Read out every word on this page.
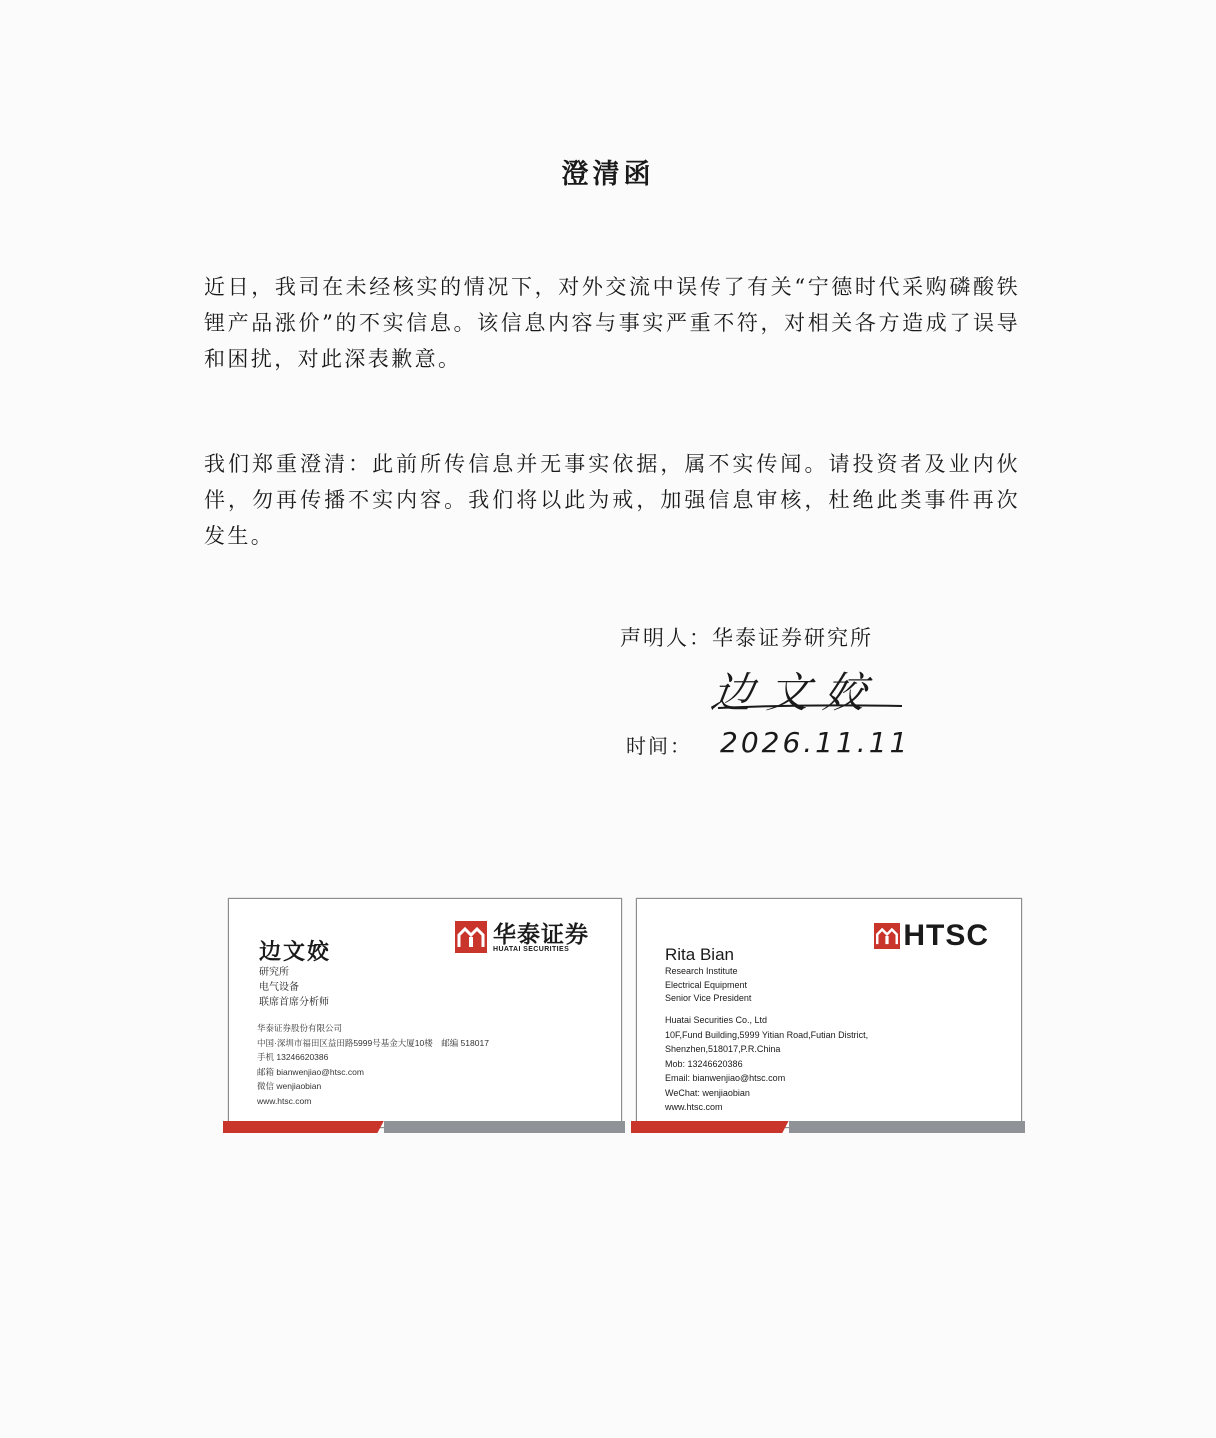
澄清函
近日，我司在未经核实的情况下，对外交流中误传了有关“宁德时代采购磷酸铁锂产品涨价”的不实信息。该信息内容与事实严重不符，对相关各方造成了误导和困扰，对此深表歉意。
我们郑重澄清：此前所传信息并无事实依据，属不实传闻。请投资者及业内伙伴，勿再传播不实内容。我们将以此为戒，加强信息审核，杜绝此类事件再次发生。
声明人：华泰证券研究所
边文姣
时间： 2026.11.11
华泰证券
HUATAI SECURITIES
边文姣
研究所
电气设备
联席首席分析师
华泰证券股份有限公司
中国·深圳市福田区益田路5999号基金大厦10楼　邮编 518017
手机 13246620386
邮箱 bianwenjiao@htsc.com
微信 wenjiaobian
www.htsc.com
HTSC
Rita Bian
Research Institute
Electrical Equipment
Senior Vice President
Huatai Securities Co., Ltd
10F,Fund Building,5999 Yitian Road,Futian District,
Shenzhen,518017,P.R.China
Mob: 13246620386
Email: bianwenjiao@htsc.com
WeChat: wenjiaobian
www.htsc.com
